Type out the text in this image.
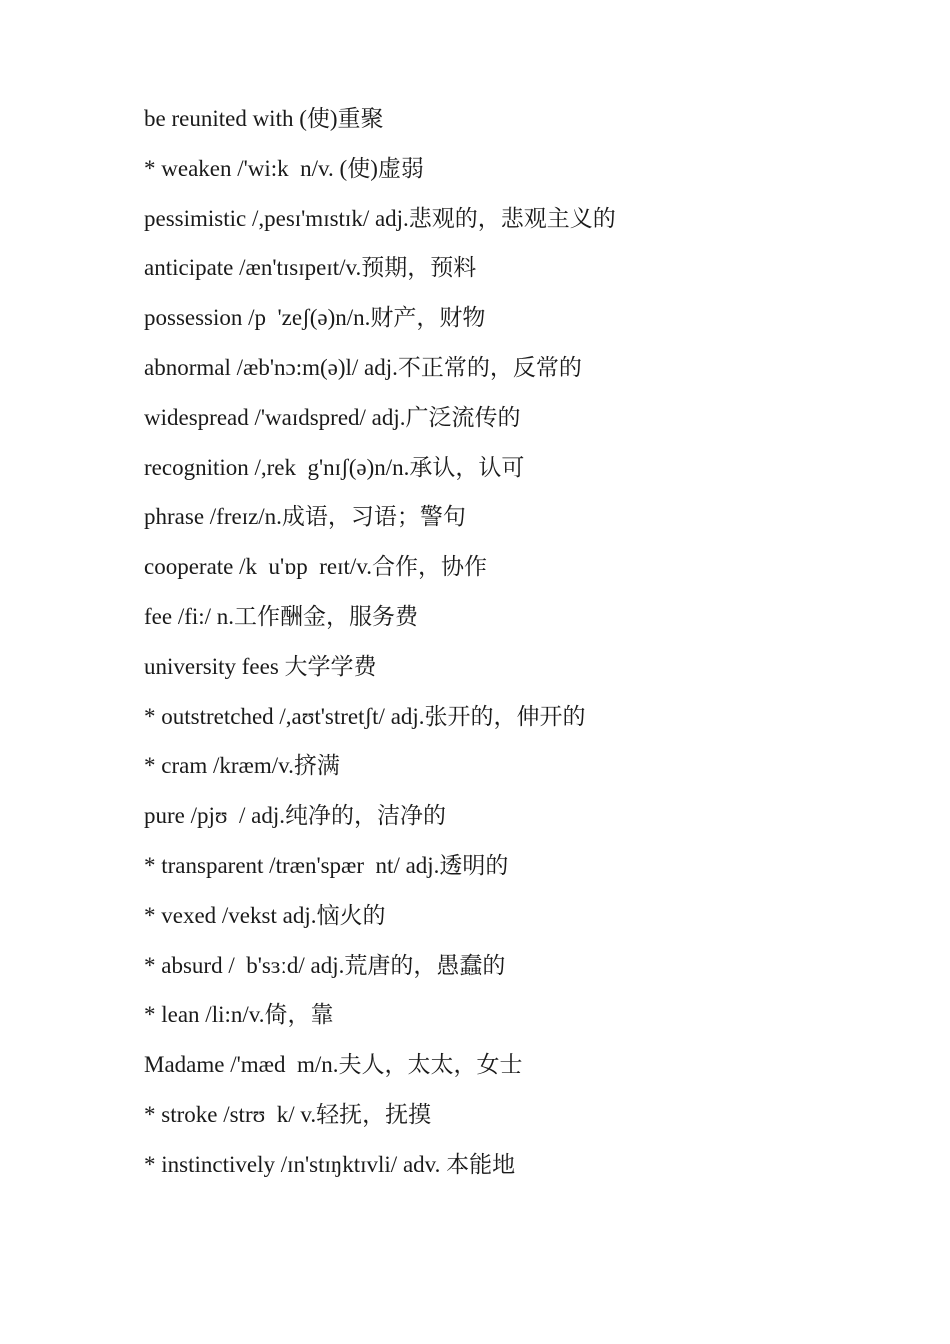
be reunited with (使)重聚
* weaken /'wi:k  n/v. (使)虚弱
pessimistic /,pesɪ'mɪstɪk/ adj.悲观的，悲观主义的
anticipate /æn'tɪsɪpeɪt/v.预期，预料
possession /p  'zeʃ(ə)n/n.财产，财物
abnormal /æb'nɔ:m(ə)l/ adj.不正常的，反常的
widespread /'waɪdspred/ adj.广泛流传的
recognition /,rek  g'nɪʃ(ə)n/n.承认，认可
phrase /freɪz/n.成语，习语；警句
cooperate /k  u'ɒp  reɪt/v.合作，协作
fee /fi:/ n.工作酬金，服务费
university fees 大学学费
* outstretched /,aʊt'stretʃt/ adj.张开的，伸开的
* cram /kræm/v.挤满
pure /pjʊ  / adj.纯净的，洁净的
* transparent /træn'spær  nt/ adj.透明的
* vexed /vekst adj.恼火的
* absurd /  b'sɜːd/ adj.荒唐的，愚蠢的
* lean /li:n/v.倚，靠
Madame /'mæd  m/n.夫人，太太，女士
* stroke /strʊ  k/ v.轻抚，抚摸
* instinctively /ɪn'stɪŋktɪvli/ adv. 本能地
